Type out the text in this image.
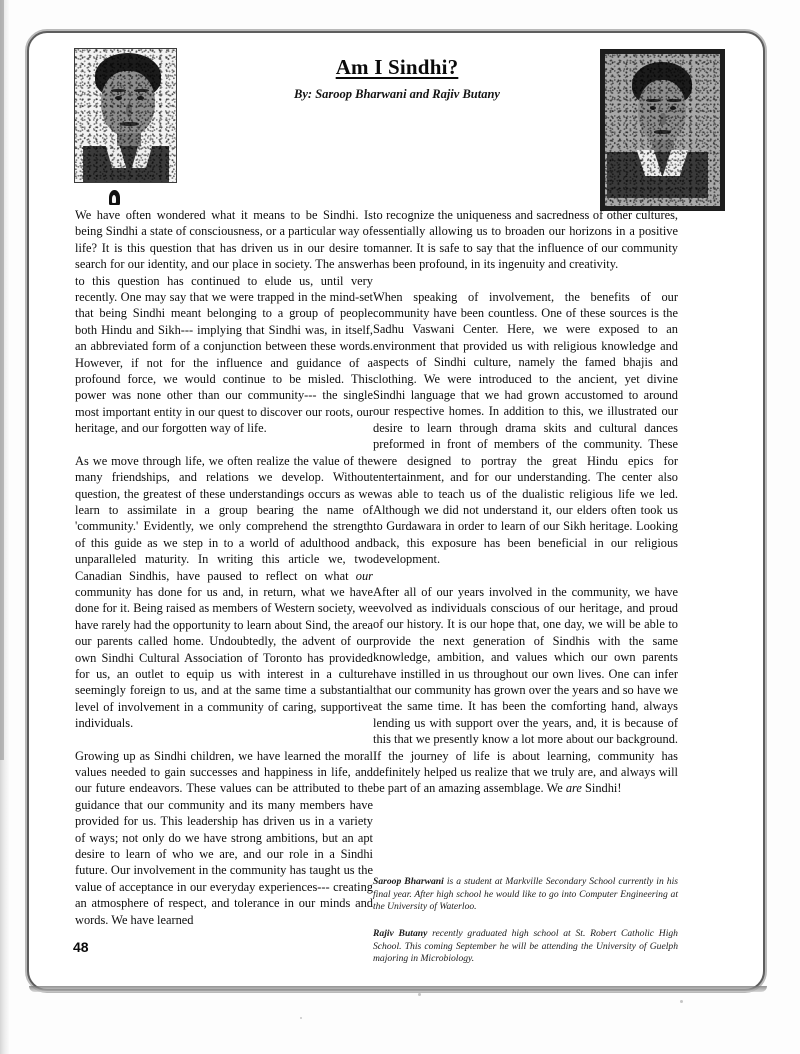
Am I Sindhi?
By: Saroop Bharwani and Rajiv Butany

We have often wondered what it means to be Sindhi. Is being Sindhi a state of consciousness, or a particular way of life? It is this question that has driven us in our desire to search for our identity, and our place in society. The answer to this question has continued to elude us, until very recently. One may say that we were trapped in the mind-set that being Sindhi meant belonging to a group of people both Hindu and Sikh--- implying that Sindhi was, in itself, an abbreviated form of a conjunction between these words. However, if not for the influence and guidance of a profound force, we would continue to be misled. This power was none other than our community--- the single most important entity in our quest to discover our roots, our heritage, and our forgotten way of life.

As we move through life, we often realize the value of the many friendships, and relations we develop. Without question, the greatest of these understandings occurs as we learn to assimilate in a group bearing the name of 'community.' Evidently, we only comprehend the strength of this guide as we step in to a world of adulthood and unparalleled maturity. In writing this article we, two Canadian Sindhis, have paused to reflect on what our community has done for us and, in return, what we have done for it. Being raised as members of Western society, we have rarely had the opportunity to learn about Sind, the area our parents called home. Undoubtedly, the advent of our own Sindhi Cultural Association of Toronto has provided for us, an outlet to equip us with interest in a culture seemingly foreign to us, and at the same time a substantial level of involvement in a community of caring, supportive individuals.

Growing up as Sindhi children, we have learned the moral values needed to gain successes and happiness in life, and our future endeavors. These values can be attributed to the guidance that our community and its many members have provided for us. This leadership has driven us in a variety of ways; not only do we have strong ambitions, but an apt desire to learn of who we are, and our role in a Sindhi future. Our involvement in the community has taught us the value of acceptance in our everyday experiences--- creating an atmosphere of respect, and tolerance in our minds and words. We have learned

to recognize the uniqueness and sacredness of other cultures, essentially allowing us to broaden our horizons in a positive manner. It is safe to say that the influence of our community has been profound, in its ingenuity and creativity.

When speaking of involvement, the benefits of our community have been countless. One of these sources is the Sadhu Vaswani Center. Here, we were exposed to an environment that provided us with religious knowledge and aspects of Sindhi culture, namely the famed bhajis and clothing. We were introduced to the ancient, yet divine Sindhi language that we had grown accustomed to around our respective homes. In addition to this, we illustrated our desire to learn through drama skits and cultural dances preformed in front of members of the community. These were designed to portray the great Hindu epics for entertainment, and for our understanding. The center also was able to teach us of the dualistic religious life we led. Although we did not understand it, our elders often took us to Gurdawara in order to learn of our Sikh heritage. Looking back, this exposure has been beneficial in our religious development.

After all of our years involved in the community, we have evolved as individuals conscious of our heritage, and proud of our history. It is our hope that, one day, we will be able to provide the next generation of Sindhis with the same knowledge, ambition, and values which our own parents have instilled in us throughout our own lives. One can infer that our community has grown over the years and so have we at the same time. It has been the comforting hand, always lending us with support over the years, and, it is because of this that we presently know a lot more about our background. If the journey of life is about learning, community has definitely helped us realize that we truly are, and always will be part of an amazing assemblage. We are Sindhi!

Saroop Bharwani is a student at Markville Secondary School currently in his final year. After high school he would like to go into Computer Engineering at the University of Waterloo.
Rajiv Butany recently graduated high school at St. Robert Catholic High School. This coming September he will be attending the University of Guelph majoring in Microbiology.
48
